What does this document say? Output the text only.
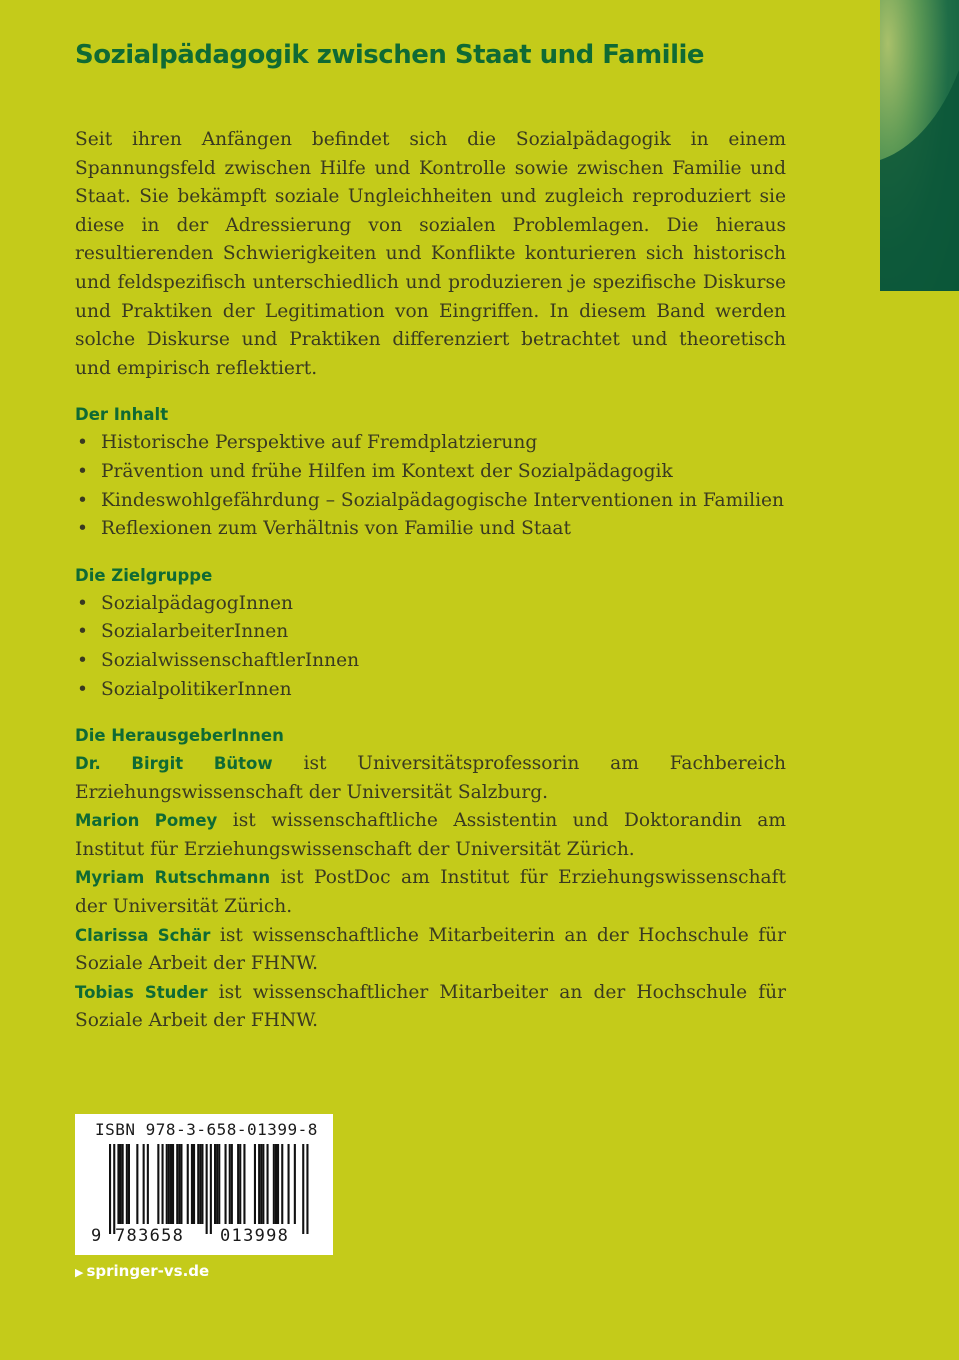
Sozialpädagogik zwischen Staat und Familie

Seit ihren Anfängen befindet sich die Sozialpädagogik in einem Spannungsfeld zwischen Hilfe und Kontrolle sowie zwischen Familie und Staat. Sie bekämpft soziale Ungleichheiten und zugleich reproduziert sie diese in der Adressierung von sozialen Problemlagen. Die hieraus resultierenden Schwierigkeiten und Konflikte konturieren sich historisch und feldspezifisch unterschiedlich und produzieren je spezifische Diskurse und Praktiken der Legitimation von Eingriffen. In diesem Band werden solche Diskurse und Praktiken differenziert betrachtet und theoretisch und empirisch reflektiert.

Der Inhalt
• Historische Perspektive auf Fremdplatzierung
• Prävention und frühe Hilfen im Kontext der Sozialpädagogik
• Kindeswohlgefährdung – Sozialpädagogische Interventionen in Familien
• Reflexionen zum Verhältnis von Familie und Staat
Die Zielgruppe
• SozialpädagogInnen
• SozialarbeiterInnen
• SozialwissenschaftlerInnen
• SozialpolitikerInnen
Die HerausgeberInnen

Dr. Birgit Bütow ist Universitätsprofessorin am Fachbereich Erziehungswissenschaft der Universität Salzburg.

Marion Pomey ist wissenschaftliche Assistentin und Doktorandin am Institut für Erziehungswissenschaft der Universität Zürich.

Myriam Rutschmann ist PostDoc am Institut für Erziehungswissenschaft der Universität Zürich.

Clarissa Schär ist wissenschaftliche Mitarbeiterin an der Hochschule für Soziale Arbeit der FHNW.

Tobias Studer ist wissenschaftlicher Mitarbeiter an der Hochschule für Soziale Arbeit der FHNW.

ISBN 978-3-658-01399-8
9 783658 013998
▶ springer-vs.de
